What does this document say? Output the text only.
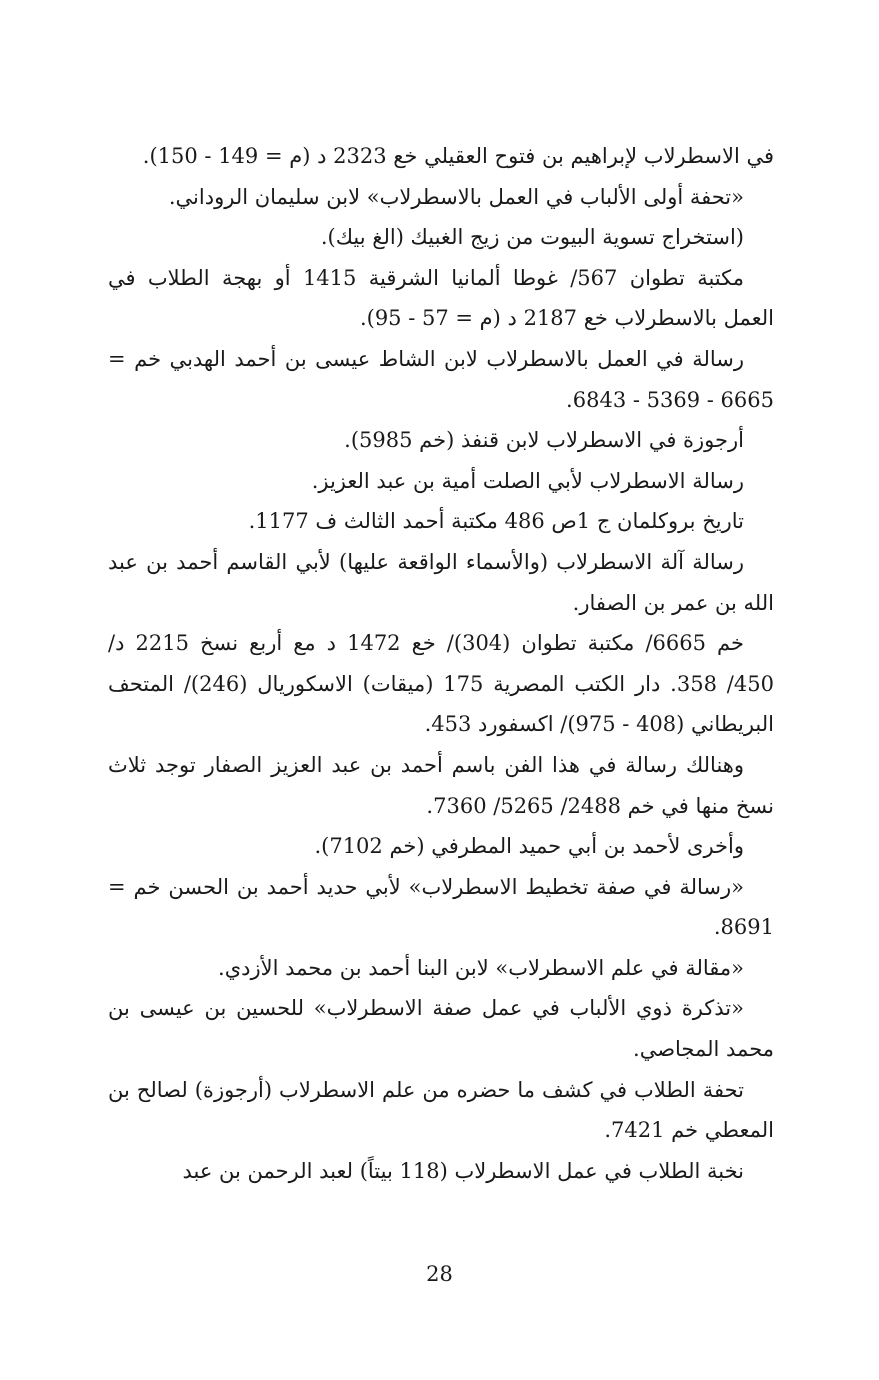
في الاسطرلاب لإبراهيم بن فتوح العقيلي خع 2323 د (م = 149 - 150).

«تحفة أولى الألباب في العمل بالاسطرلاب» لابن سليمان الروداني.

(استخراج تسوية البيوت من زيج الغبيك (الغ بيك).

مكتبة تطوان 567/ غوطا ألمانيا الشرقية 1415 أو بهجة الطلاب في العمل بالاسطرلاب خع 2187 د (م = 57 - 95).

رسالة في العمل بالاسطرلاب لابن الشاط عيسى بن أحمد الهدبي خم = 6665 - 5369 - 6843.

أرجوزة في الاسطرلاب لابن قنفذ (خم 5985).

رسالة الاسطرلاب لأبي الصلت أمية بن عبد العزيز.

تاريخ بروكلمان ج 1ص 486 مكتبة أحمد الثالث ف 1177.

رسالة آلة الاسطرلاب (والأسماء الواقعة عليها) لأبي القاسم أحمد بن عبد الله بن عمر بن الصفار.

خم 6665/ مكتبة تطوان (304)/ خع 1472 د مع أربع نسخ 2215 د/ 450/ 358. دار الكتب المصرية 175 (ميقات) الاسكوريال (246)/ المتحف البريطاني (408 - 975)/ اكسفورد 453.

وهنالك رسالة في هذا الفن باسم أحمد بن عبد العزيز الصفار توجد ثلاث نسخ منها في خم 2488/ 5265/ 7360.

وأخرى لأحمد بن أبي حميد المطرفي (خم 7102).

«رسالة في صفة تخطيط الاسطرلاب» لأبي حديد أحمد بن الحسن خم = 8691.

«مقالة في علم الاسطرلاب» لابن البنا أحمد بن محمد الأزدي.

«تذكرة ذوي الألباب في عمل صفة الاسطرلاب» للحسين بن عيسى بن محمد المجاصي.

تحفة الطلاب في كشف ما حضره من علم الاسطرلاب (أرجوزة) لصالح بن المعطي خم 7421.

نخبة الطلاب في عمل الاسطرلاب (118 بيتاً) لعبد الرحمن بن عبد

28
